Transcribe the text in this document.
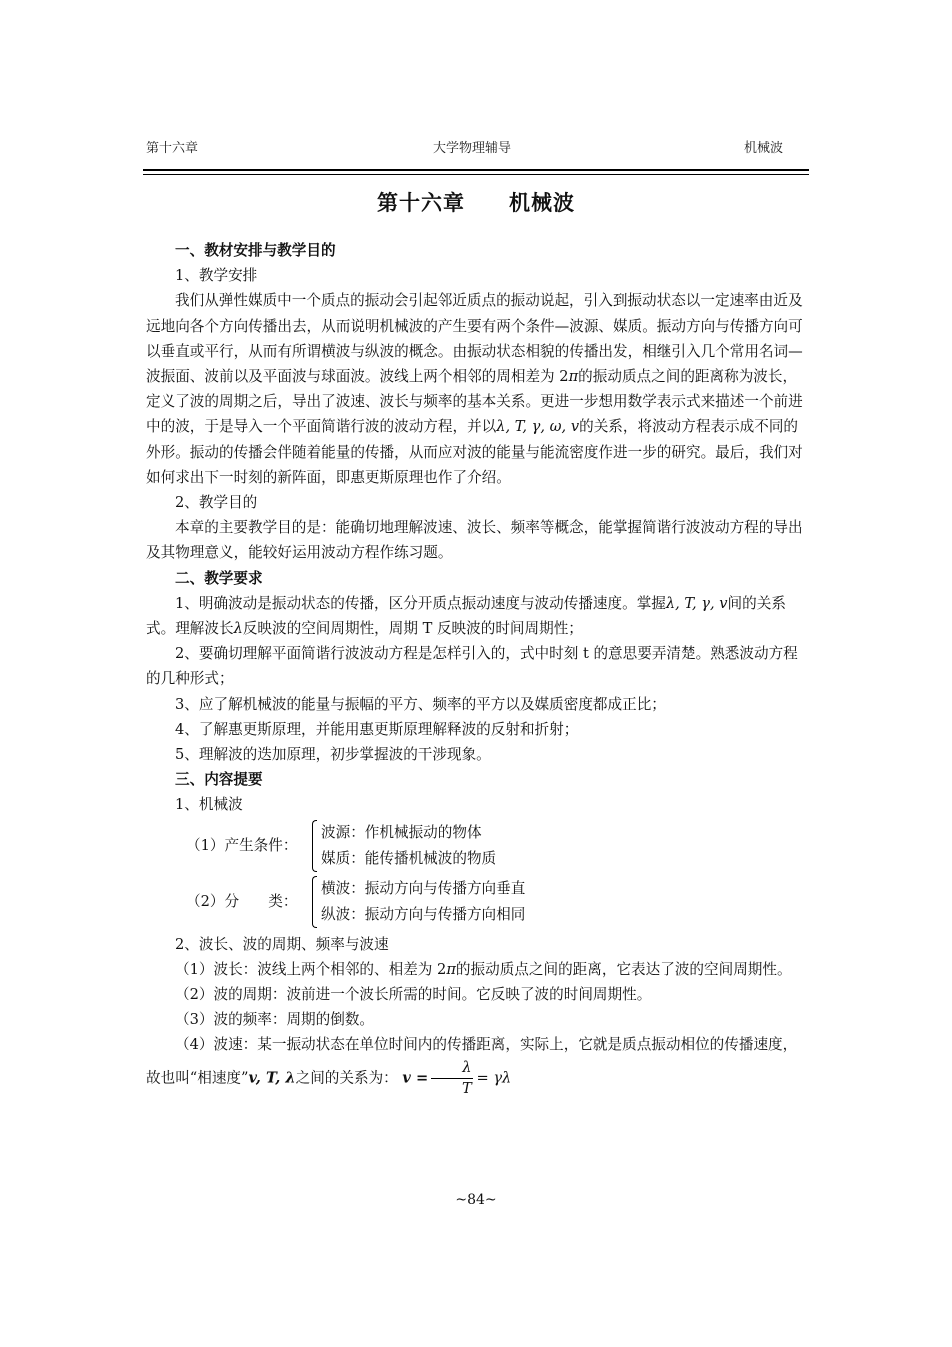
第十六章	大学物理辅导	机械波
第十六章 机械波

一、教材安排与教学目的

1、教学安排

我们从弹性媒质中一个质点的振动会引起邻近质点的振动说起，引入到振动状态以一定速率由近及远地向各个方向传播出去，从而说明机械波的产生要有两个条件—波源、媒质。振动方向与传播方向可以垂直或平行，从而有所谓横波与纵波的概念。由振动状态相貌的传播出发，相继引入几个常用名词—波振面、波前以及平面波与球面波。波线上两个相邻的周相差为 2π的振动质点之间的距离称为波长，定义了波的周期之后，导出了波速、波长与频率的基本关系。更进一步想用数学表示式来描述一个前进中的波，于是导入一个平面简谐行波的波动方程，并以λ, T, γ, ω, v的关系，将波动方程表示成不同的外形。振动的传播会伴随着能量的传播，从而应对波的能量与能流密度作进一步的研究。最后，我们对如何求出下一时刻的新阵面，即惠更斯原理也作了介绍。

2、教学目的

本章的主要教学目的是：能确切地理解波速、波长、频率等概念，能掌握简谐行波波动方程的导出及其物理意义，能较好运用波动方程作练习题。

二、教学要求

1、明确波动是振动状态的传播，区分开质点振动速度与波动传播速度。掌握λ, T, γ, v间的关系式。理解波长λ反映波的空间周期性，周期 T 反映波的时间周期性；

2、要确切理解平面简谐行波波动方程是怎样引入的，式中时刻 t 的意思要弄清楚。熟悉波动方程的几种形式；

3、应了解机械波的能量与振幅的平方、频率的平方以及媒质密度都成正比；

4、了解惠更斯原理，并能用惠更斯原理解释波的反射和折射；

5、理解波的迭加原理，初步掌握波的干涉现象。

三、内容提要

1、机械波

（1）产生条件：
波源：作机械振动的物体
媒质：能传播机械波的物质
（2）分　　类：
横波：振动方向与传播方向垂直
纵波：振动方向与传播方向相同

2、波长、波的周期、频率与波速

（1）波长：波线上两个相邻的、相差为 2π的振动质点之间的距离，它表达了波的空间周期性。

（2）波的周期：波前进一个波长所需的时间。它反映了波的时间周期性。

（3）波的频率：周期的倒数。

（4）波速：某一振动状态在单位时间内的传播距离，实际上，它就是质点振动相位的传播速度，故也叫“相速度”v, T, λ之间的关系为： $v = \frac{\lambda}{T} = \gamma\lambda$

~84~
